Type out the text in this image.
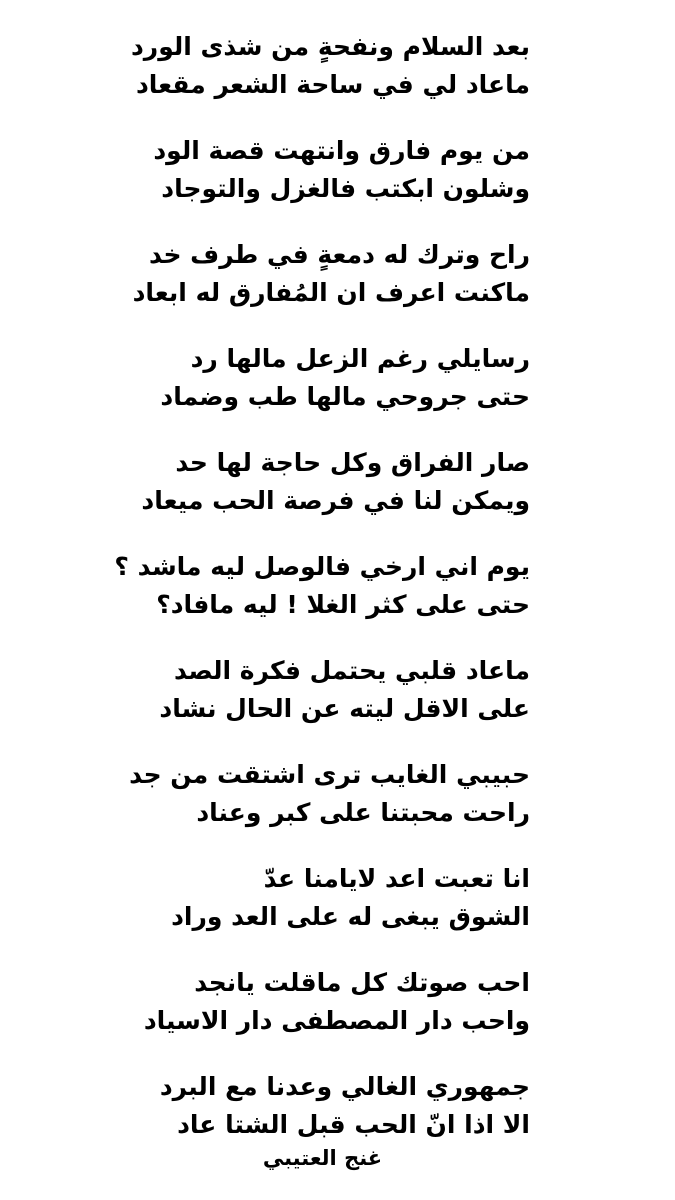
بعد السلام ونفحةٍ من شذى الورد
ماعاد لي في ساحة الشعر مقعاد
من يوم فارق وانتهت قصة الود
وشلون ابكتب فالغزل والتوجاد
راح وترك له دمعةٍ في طرف خد
ماكنت اعرف ان المُفارق له ابعاد
رسايلي رغم الزعل مالها رد
حتى جروحي مالها طب وضماد
صار الفراق وكل حاجة لها حد
ويمكن لنا في فرصة الحب ميعاد
يوم اني ارخي فالوصل ليه ماشد ؟
حتى على كثر الغلا ! ليه مافاد؟
ماعاد قلبي يحتمل فكرة الصد
على الاقل ليته عن الحال نشاد
حبيبي الغايب ترى اشتقت من جد
راحت محبتنا على كبر وعناد
انا تعبت اعد لايامنا عدّ
الشوق يبغى له على العد وراد
احب صوتك كل ماقلت يانجد
واحب دار المصطفى دار الاسياد
جمهوري الغالي وعدنا مع البرد
الا اذا انّ الحب قبل الشتا عاد
غنج العتيبي
